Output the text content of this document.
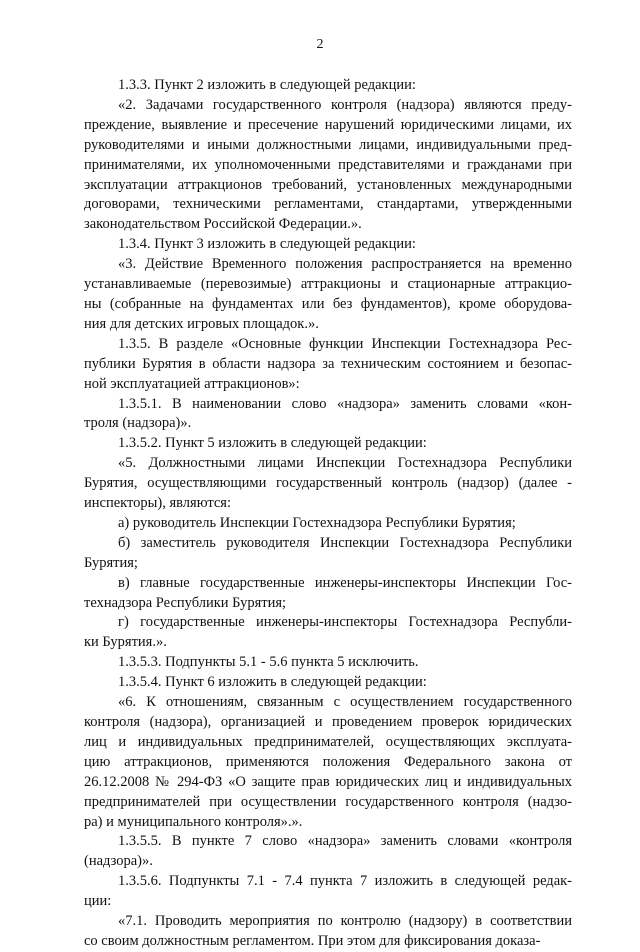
2
1.3.3. Пункт 2 изложить в следующей редакции:
«2. Задачами государственного контроля (надзора) являются преду-
преждение, выявление и пресечение нарушений юридическими лицами, их
руководителями и иными должностными лицами, индивидуальными пред-
принимателями, их уполномоченными представителями и гражданами при
эксплуатации аттракционов требований, установленных международными
договорами, техническими регламентами, стандартами, утвержденными
законодательством Российской Федерации.».
1.3.4. Пункт 3 изложить в следующей редакции:
«3. Действие Временного положения распространяется на временно
устанавливаемые (перевозимые) аттракционы и стационарные аттракцио-
ны (собранные на фундаментах или без фундаментов), кроме оборудова-
ния для детских игровых площадок.».
1.3.5. В разделе «Основные функции Инспекции Гостехнадзора Рес-
публики Бурятия в области надзора за техническим состоянием и безопас-
ной эксплуатацией аттракционов»:
1.3.5.1. В наименовании слово «надзора» заменить словами «кон-
троля (надзора)».
1.3.5.2. Пункт 5 изложить в следующей редакции:
«5. Должностными лицами Инспекции Гостехнадзора Республики
Бурятия, осуществляющими государственный контроль (надзор) (далее -
инспекторы), являются:
а) руководитель Инспекции Гостехнадзора Республики Бурятия;
б) заместитель руководителя Инспекции Гостехнадзора Республики
Бурятия;
в) главные государственные инженеры-инспекторы Инспекции Гос-
технадзора Республики Бурятия;
г) государственные инженеры-инспекторы Гостехнадзора Республи-
ки Бурятия.».
1.3.5.3. Подпункты 5.1 - 5.6 пункта 5 исключить.
1.3.5.4. Пункт 6 изложить в следующей редакции:
«6. К отношениям, связанным с осуществлением государственного
контроля (надзора), организацией и проведением проверок юридических
лиц и индивидуальных предпринимателей, осуществляющих эксплуата-
цию аттракционов, применяются положения Федерального закона от
26.12.2008 № 294-ФЗ «О защите прав юридических лиц и индивидуальных
предпринимателей при осуществлении государственного контроля (надзо-
ра) и муниципального контроля».».
1.3.5.5. В пункте 7 слово «надзора» заменить словами «контроля
(надзора)».
1.3.5.6. Подпункты 7.1 - 7.4 пункта 7 изложить в следующей редак-
ции:
«7.1. Проводить мероприятия по контролю (надзору) в соответствии
со своим должностным регламентом. При этом для фиксирования доказа-
